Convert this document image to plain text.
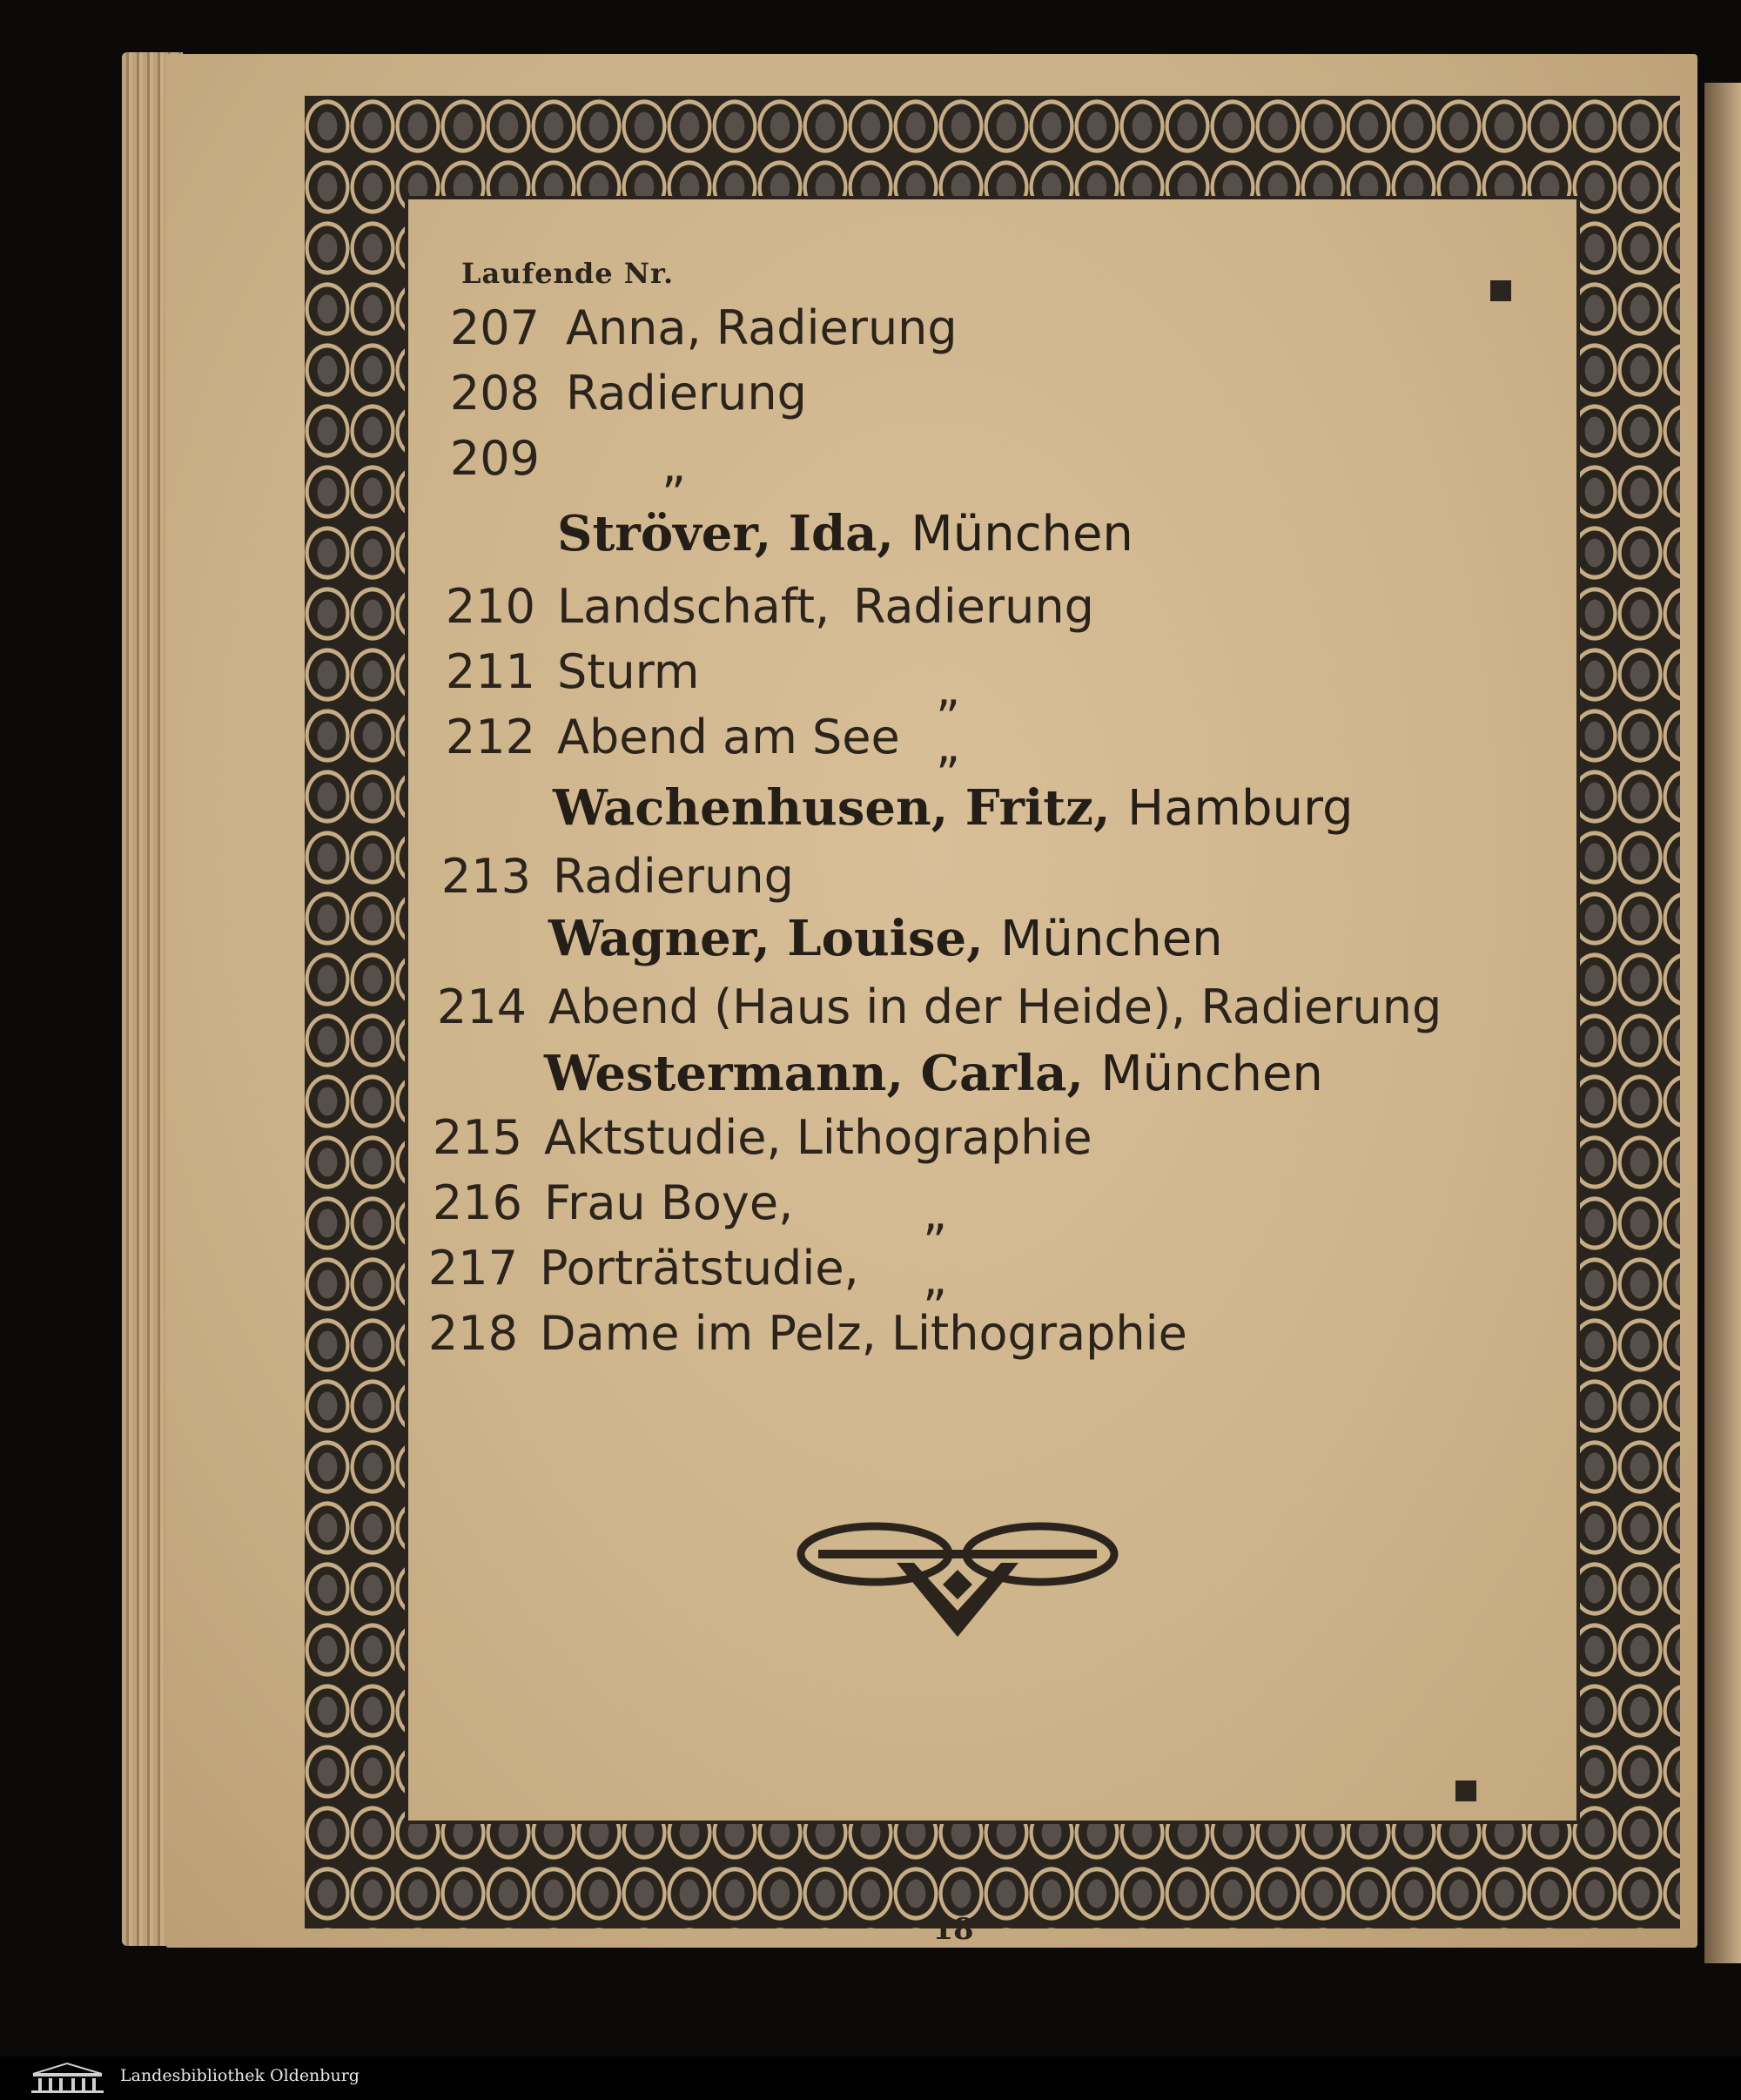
Laufende Nr.
207 Anna, Radierung
208 Radierung
209	„
Ströver, Ida, München
210 Landschaft, Radierung
211 Sturm	„
212 Abend am See „
Wachenhusen, Fritz, Hamburg
213 Radierung
Wagner, Louise, München
214 Abend (Haus in der Heide), Radierung
Westermann, Carla, München
215 Aktstudie, Lithographie
216 Frau Boye,	„
217 Porträtstudie, „
218 Dame im Pelz, Lithographie
18
Landesbibliothek Oldenburg
